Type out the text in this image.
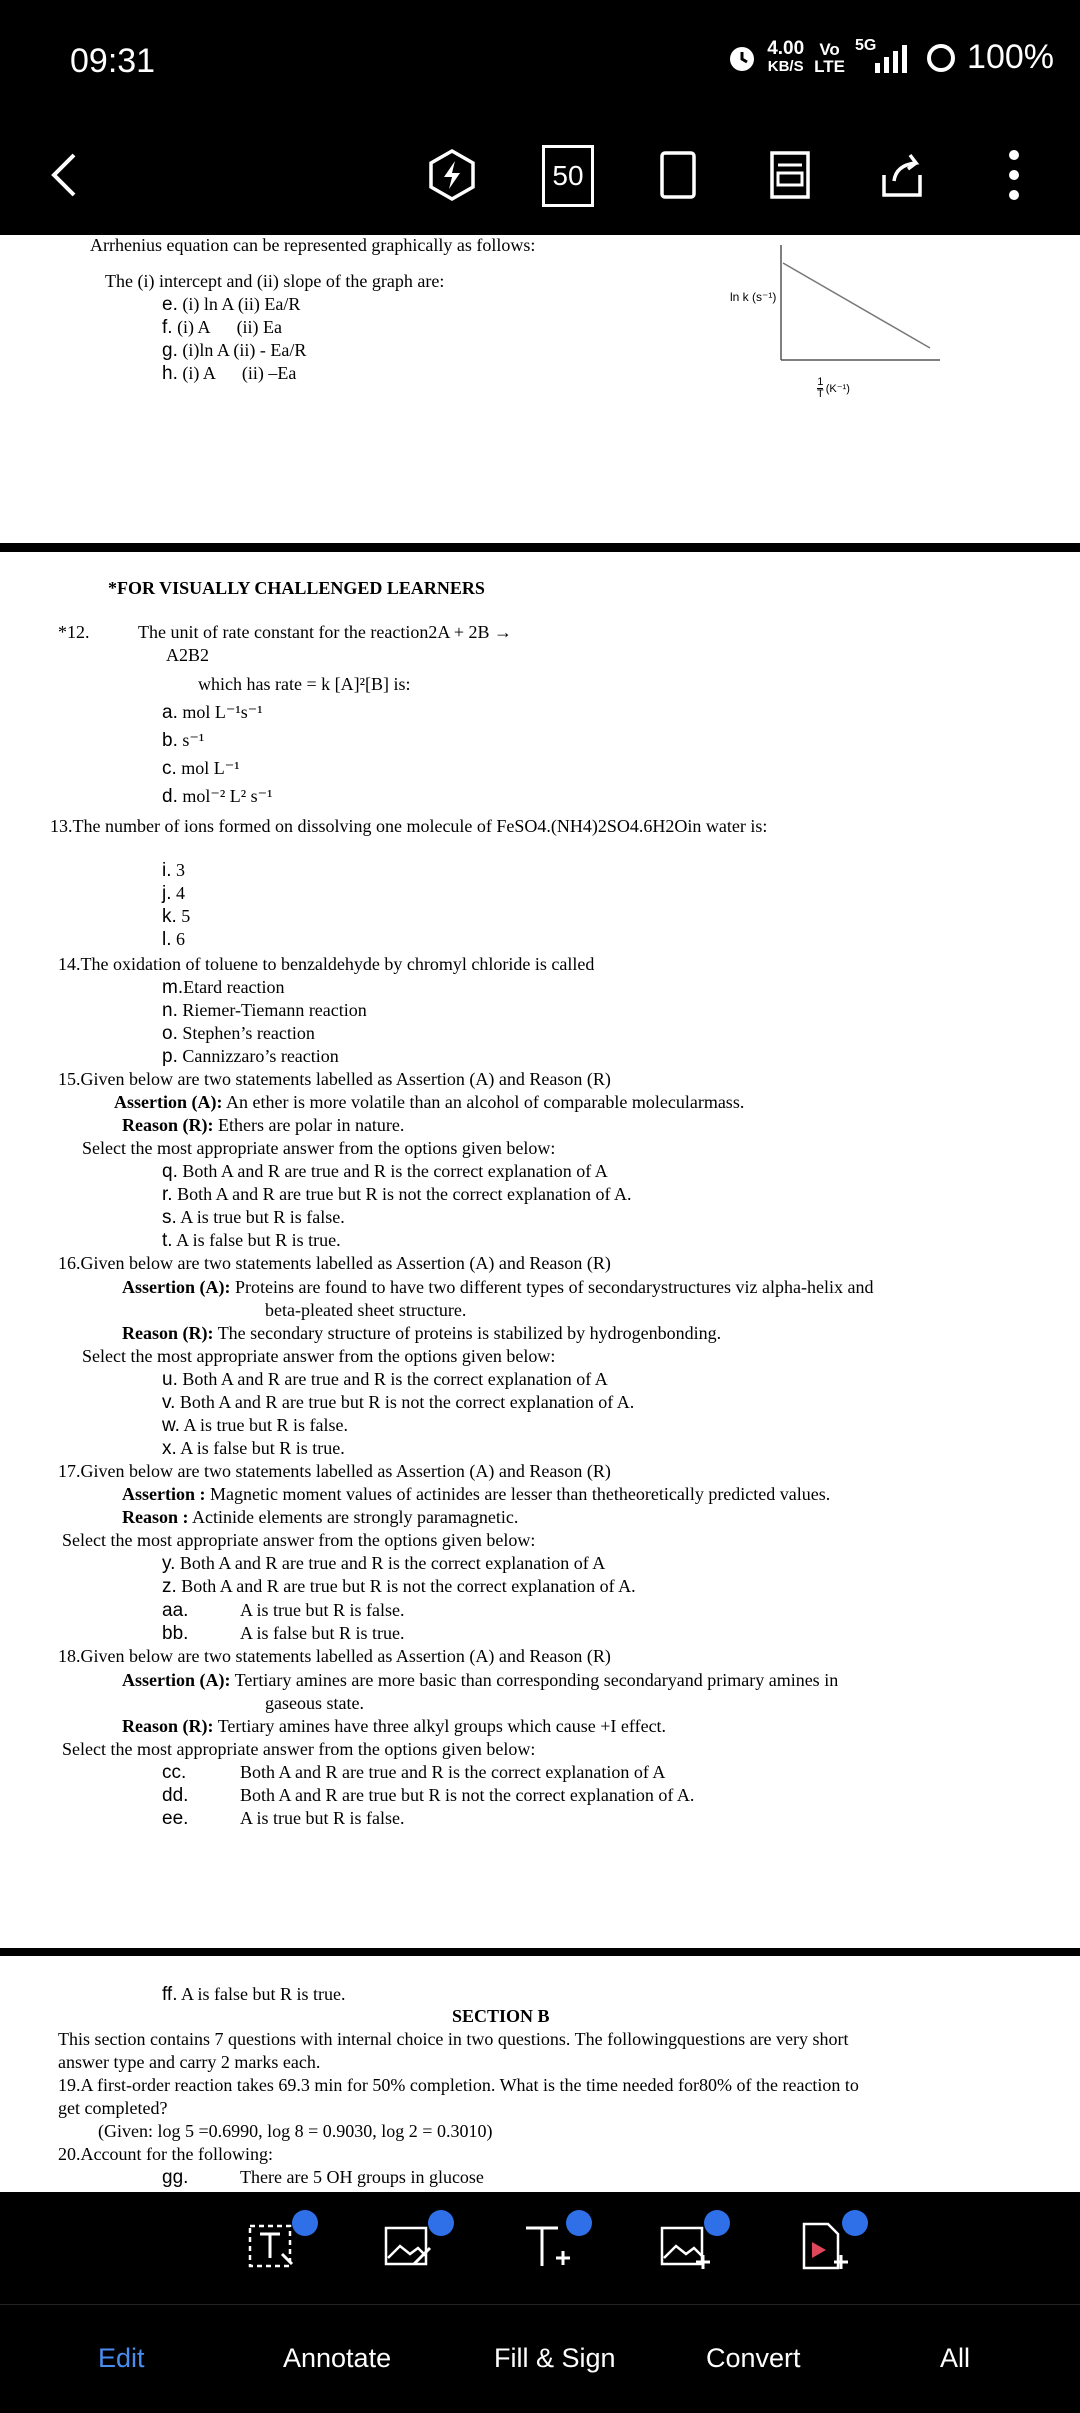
09:31	4.00
KB/S
Vo
LTE
5G	100%
50
Arrhenius equation can be represented graphically as follows:
The (i) intercept and (ii) slope of the graph are:
e. (i) ln A (ii) Ea/R
f. (i) A      (ii) Ea
g. (i)ln A (ii) - Ea/R
h. (i) A      (ii) –Ea
ln k (s⁻¹)
1
T (K⁻¹)
*FOR VISUALLY CHALLENGED LEARNERS
*12.	The unit of rate constant for the reaction2A + 2B →
A2B2
which has rate = k [A]²[B] is:
a. mol L⁻¹s⁻¹
b. s⁻¹
c. mol L⁻¹
d. mol⁻² L² s⁻¹
13.The number of ions formed on dissolving one molecule of FeSO4.(NH4)2SO4.6H2Oin water is:
i. 3
j. 4
k. 5
l. 6
14.The oxidation of toluene to benzaldehyde by chromyl chloride is called
m.Etard reaction
n. Riemer-Tiemann reaction
o. Stephen’s reaction
p. Cannizzaro’s reaction
15.Given below are two statements labelled as Assertion (A) and Reason (R)
Assertion (A): An ether is more volatile than an alcohol of comparable molecularmass.
Reason (R): Ethers are polar in nature.
Select the most appropriate answer from the options given below:
q. Both A and R are true and R is the correct explanation of A
r. Both A and R are true but R is not the correct explanation of A.
s. A is true but R is false.
t. A is false but R is true.
16.Given below are two statements labelled as Assertion (A) and Reason (R)
Assertion (A): Proteins are found to have two different types of secondarystructures viz alpha-helix and
beta-pleated sheet structure.
Reason (R): The secondary structure of proteins is stabilized by hydrogenbonding.
Select the most appropriate answer from the options given below:
u. Both A and R are true and R is the correct explanation of A
v. Both A and R are true but R is not the correct explanation of A.
w. A is true but R is false.
x. A is false but R is true.
17.Given below are two statements labelled as Assertion (A) and Reason (R)
Assertion : Magnetic moment values of actinides are lesser than thetheoretically predicted values.
Reason : Actinide elements are strongly paramagnetic.
Select the most appropriate answer from the options given below:
y. Both A and R are true and R is the correct explanation of A
z. Both A and R are true but R is not the correct explanation of A.
aa.	A is true but R is false.
bb.	A is false but R is true.
18.Given below are two statements labelled as Assertion (A) and Reason (R)
Assertion (A): Tertiary amines are more basic than corresponding secondaryand primary amines in
gaseous state.
Reason (R): Tertiary amines have three alkyl groups which cause +I effect.
Select the most appropriate answer from the options given below:
cc.	Both A and R are true and R is the correct explanation of A
dd.	Both A and R are true but R is not the correct explanation of A.
ee.	A is true but R is false.
ff. A is false but R is true.
SECTION B
This section contains 7 questions with internal choice in two questions. The followingquestions are very short
answer type and carry 2 marks each.
19.A first-order reaction takes 69.3 min for 50% completion. What is the time needed for80% of the reaction to
get completed?
(Given: log 5 =0.6990, log 8 = 0.9030, log 2 = 0.3010)
20.Account for the following:
gg.	There are 5 OH groups in glucose
Edit	Annotate	Fill & Sign	Convert	All
